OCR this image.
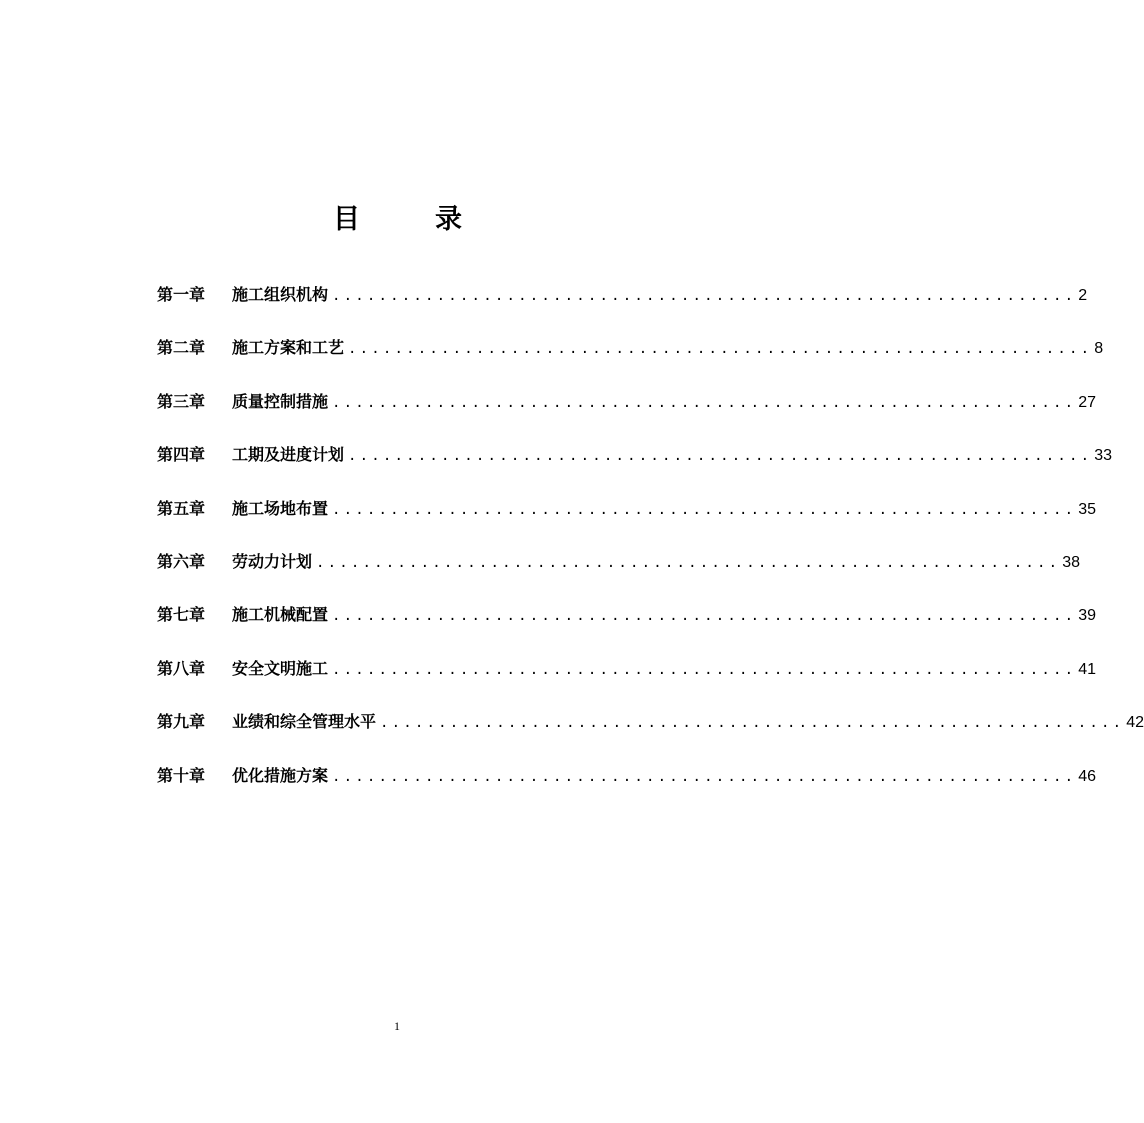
目	录
第一章	施工组织机构 ................................................................ 2
第二章	施工方案和工艺 ................................................................ 8
第三章	质量控制措施 ................................................................ 27
第四章	工期及进度计划 ................................................................ 33
第五章	施工场地布置 ................................................................ 35
第六章	劳动力计划 ................................................................ 38
第七章	施工机械配置 ................................................................ 39
第八章	安全文明施工 ................................................................ 41
第九章	业绩和综全管理水平 ................................................................ 42
第十章	优化措施方案 ................................................................ 46
1
